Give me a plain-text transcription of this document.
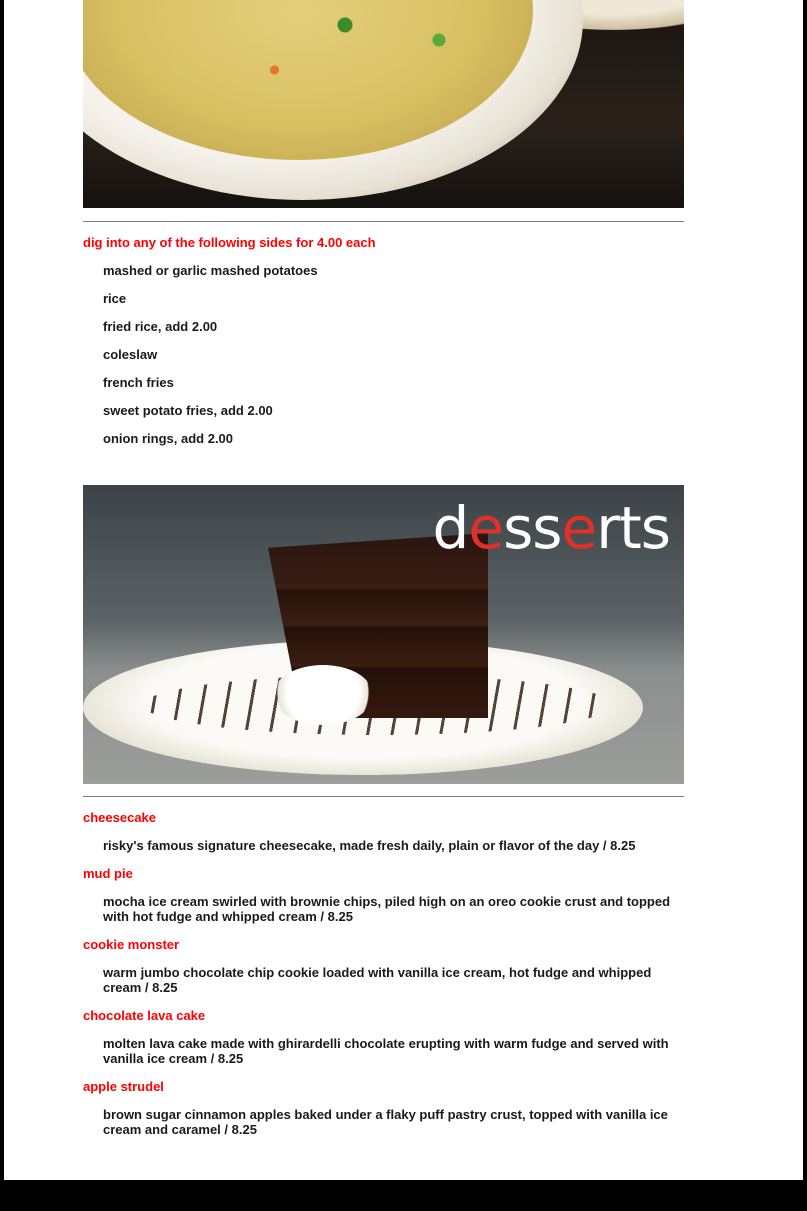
dig into any of the following sides for 4.00 each
mashed or garlic mashed potatoes
rice
fried rice, add 2.00
coleslaw
french fries
sweet potato fries, add 2.00
onion rings, add 2.00
desserts
cheesecake
risky's famous signature cheesecake, made fresh daily, plain or flavor of the day / 8.25
mud pie
mocha ice cream swirled with brownie chips, piled high on an oreo cookie crust and topped with hot fudge and whipped cream / 8.25
cookie monster
warm jumbo chocolate chip cookie loaded with vanilla ice cream, hot fudge and whipped cream / 8.25
chocolate lava cake
molten lava cake made with ghirardelli chocolate erupting with warm fudge and served with vanilla ice cream / 8.25
apple strudel
brown sugar cinnamon apples baked under a flaky puff pastry crust, topped with vanilla ice cream and caramel / 8.25
